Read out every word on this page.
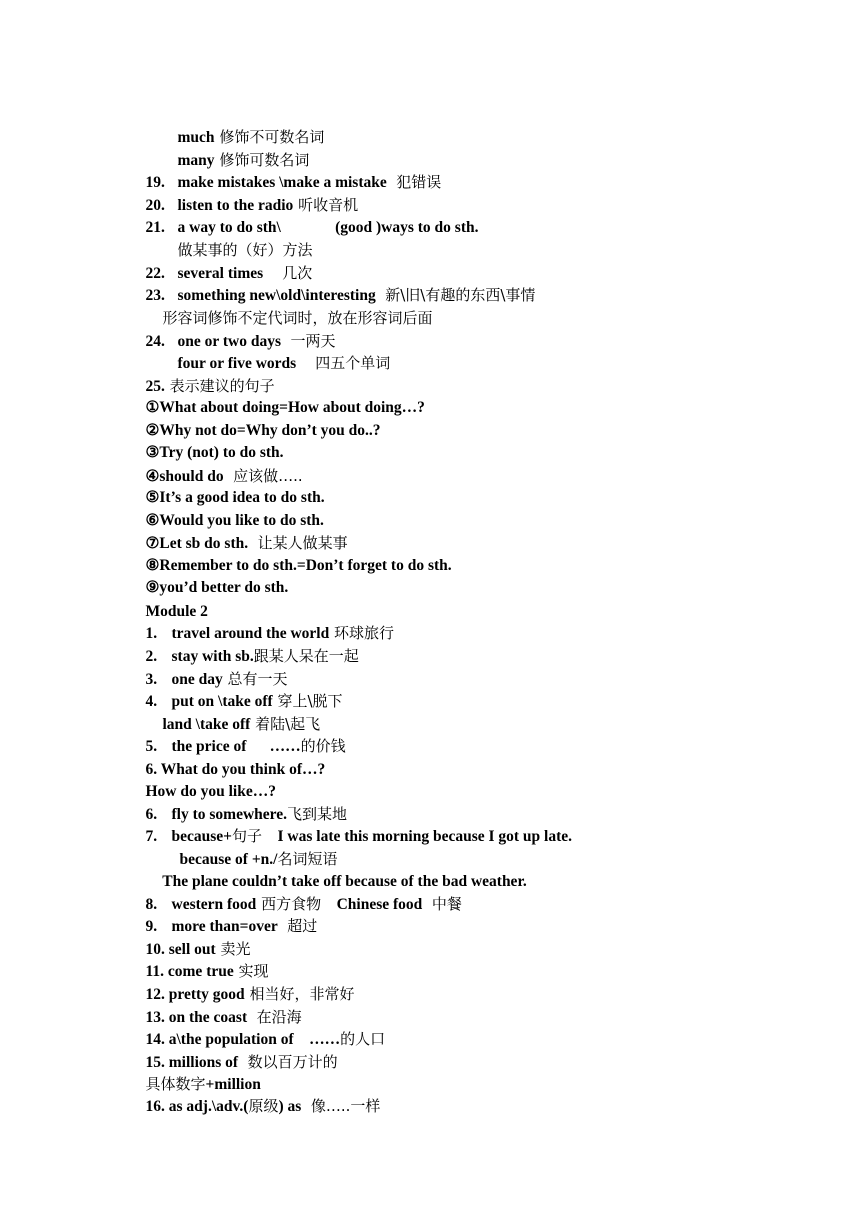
much 修饰不可数名词

many 修饰可数名词

19. make mistakes \make a mistake  犯错误

20. listen to the radio 听收音机

21. a way to do sth\              (good )ways to do sth.

做某事的（好）方法

22. several times    几次

23. something new\old\interesting  新\旧\有趣的东西\事情

形容词修饰不定代词时，放在形容词后面

24. one or two days  一两天

four or five words    四五个单词

25. 表示建议的句子

①What about doing=How about doing…?

②Why not do=Why don’t you do..?

③Try (not) to do sth.

④should do  应该做…..

⑤It’s a good idea to do sth.

⑥Would you like to do sth.

⑦Let sb do sth.  让某人做某事

⑧Remember to do sth.=Don’t forget to do sth.

⑨you’d better do sth.

Module 2

1. travel around the world 环球旅行

2. stay with sb.跟某人呆在一起

3. one day 总有一天

4. put on \take off 穿上\脱下

land \take off 着陆\起飞

5. the price of      ……的价钱

6. What do you think of…?

How do you like…?

6. fly to somewhere.飞到某地

7. because+句子    I was late this morning because I got up late.

because of +n./名词短语

The plane couldn’t take off because of the bad weather.

8. western food 西方食物    Chinese food  中餐

9. more than=over  超过

10. sell out 卖光

11. come true 实现

12. pretty good 相当好，非常好

13. on the coast  在沿海

14. a\the population of    ……的人口

15. millions of  数以百万计的

具体数字+million

16. as adj.\adv.(原级) as  像…..一样
